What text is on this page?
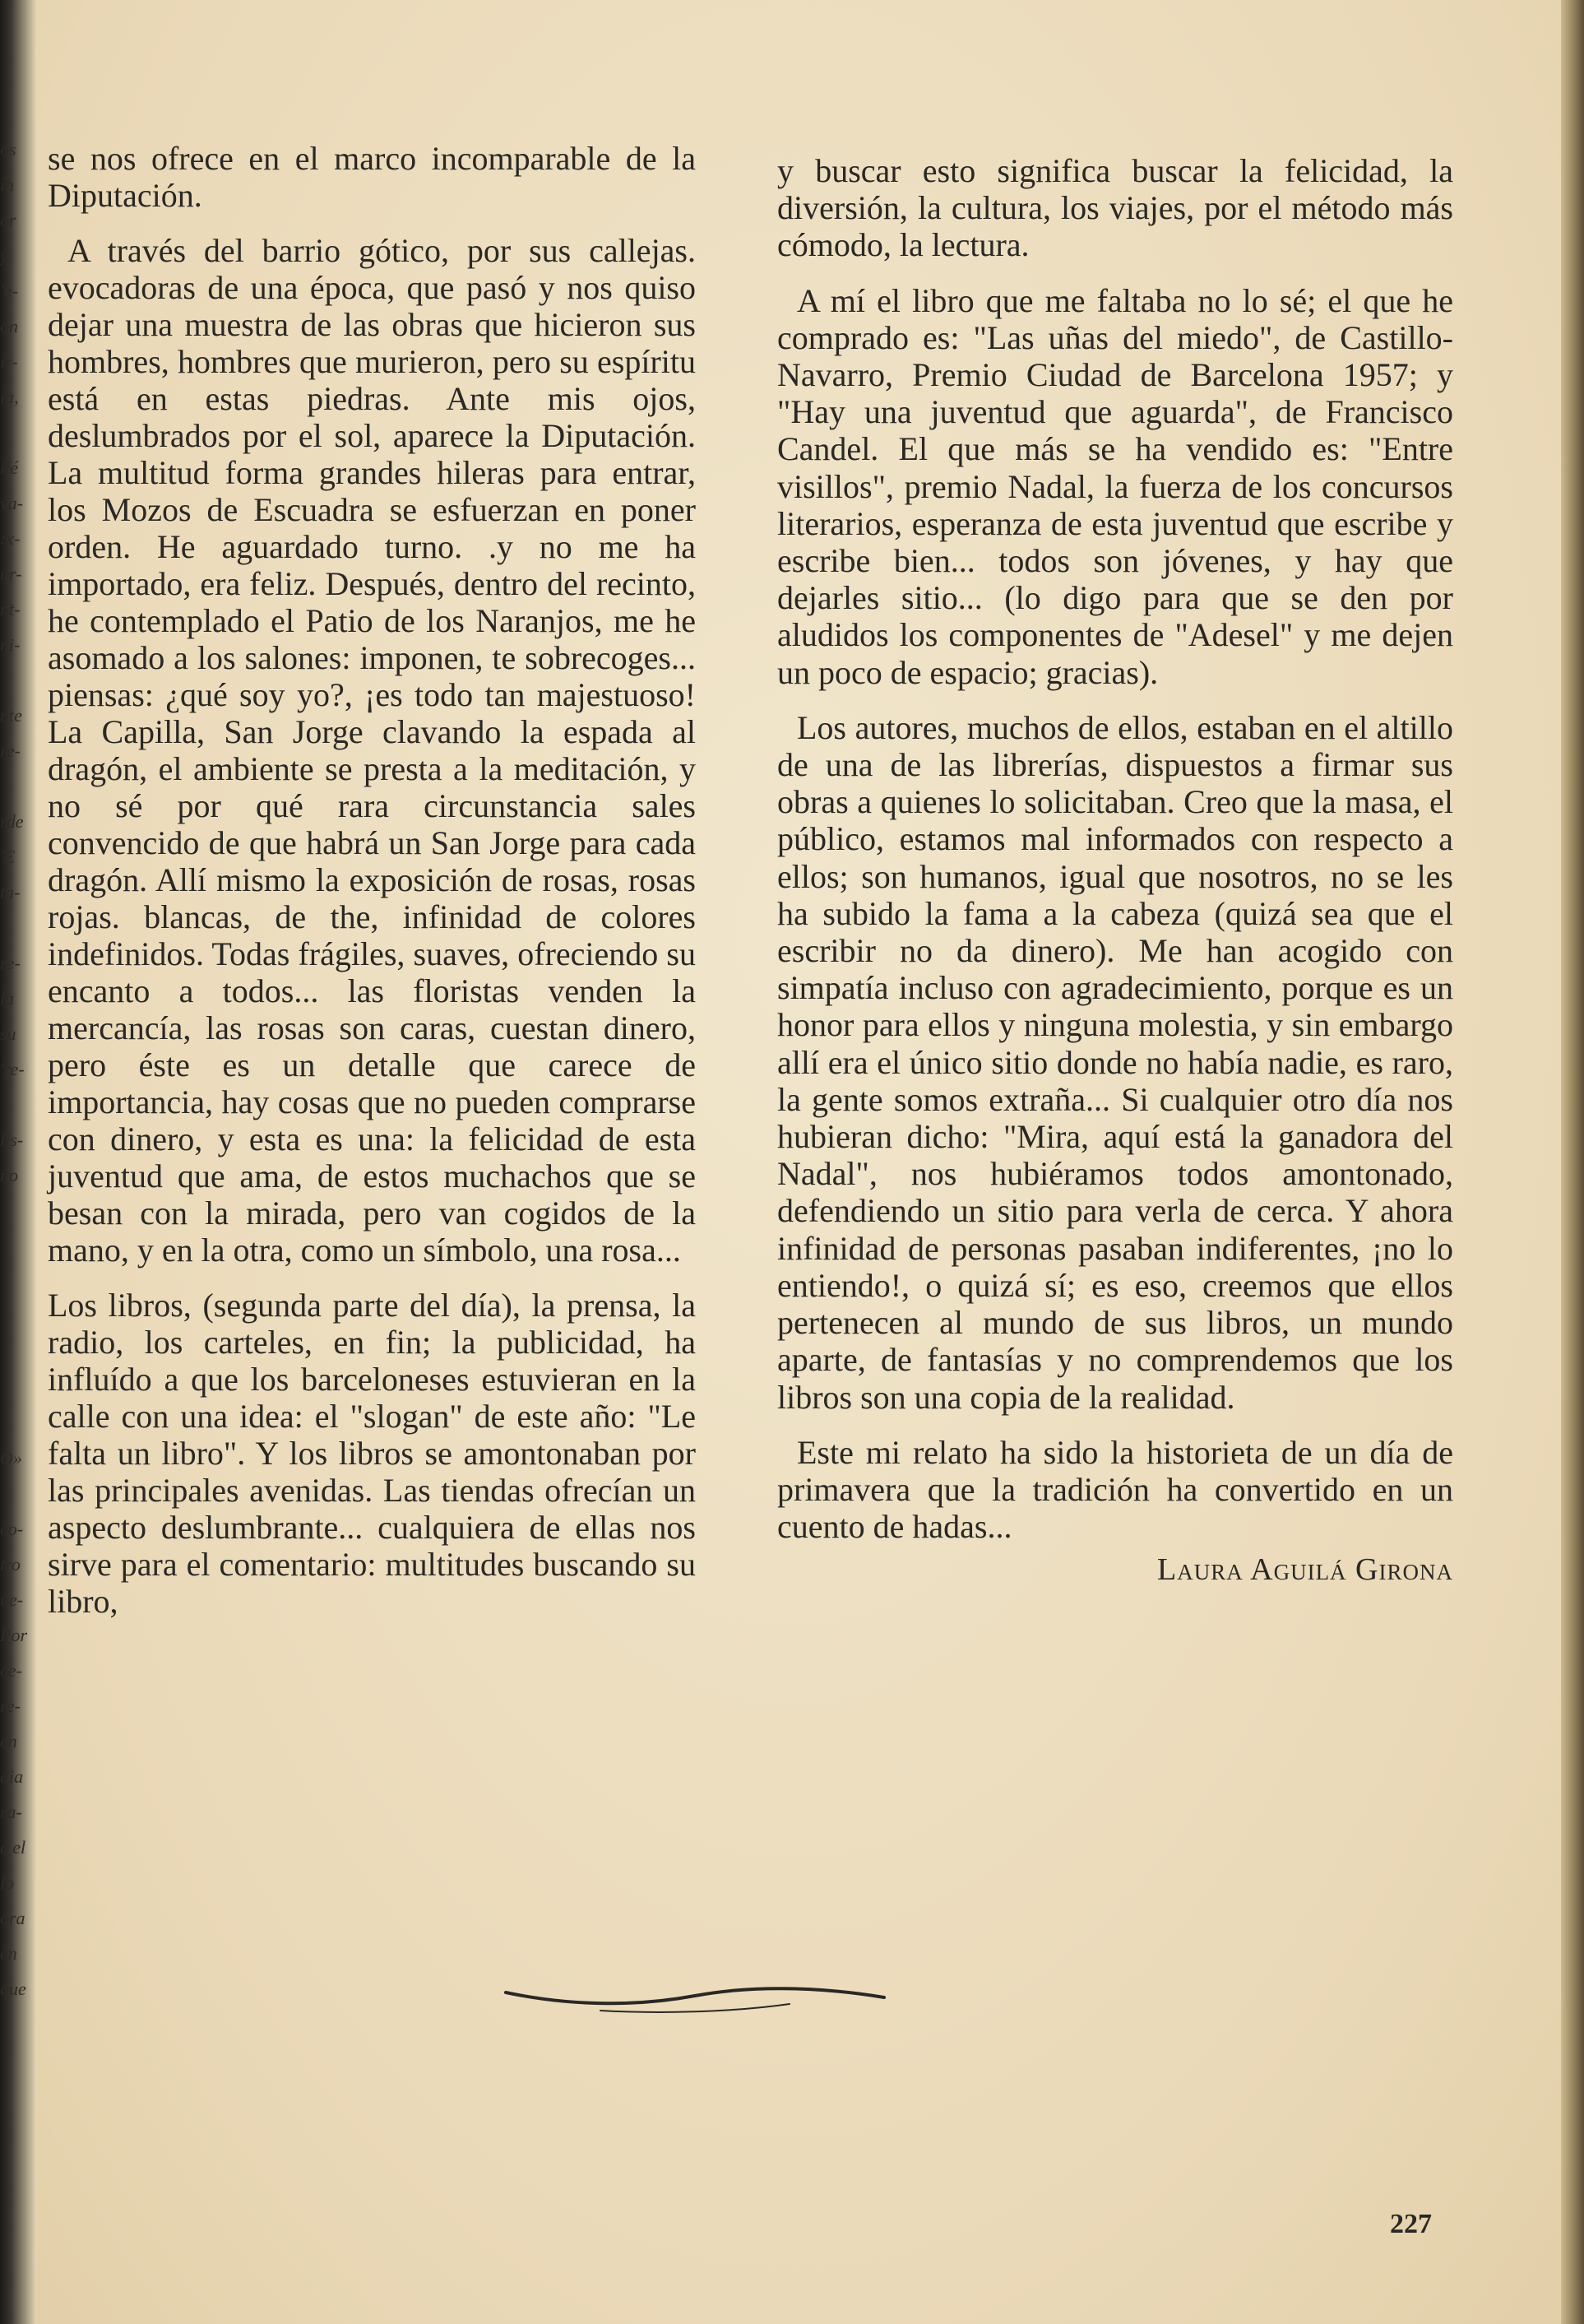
os
ín
or
y
'e-
ón
ir-
ía,
ifé
va-
:x-
ur-
nt-
ni-
nte
re-
rde
'E
ta-
re-
la
su
're-
lis-
no
O»
co-
tro
ue-
Por
ce-
re-
en
dia
ra-
e el
lo
ora
en
que

se nos ofrece en el marco incomparable de la Diputación.

A través del barrio gótico, por sus callejas. evocadoras de una época, que pasó y nos quiso dejar una muestra de las obras que hicieron sus hombres, hombres que murieron, pero su espíritu está en estas piedras. Ante mis ojos, deslumbrados por el sol, aparece la Diputación. La multitud forma grandes hileras para entrar, los Mozos de Escuadra se esfuerzan en poner orden. He aguardado turno. .y no me ha importado, era feliz. Después, dentro del recinto, he contemplado el Patio de los Naranjos, me he asomado a los salones: imponen, te sobrecoges... piensas: ¿qué soy yo?, ¡es todo tan majestuoso! La Capilla, San Jorge clavando la espada al dragón, el ambiente se presta a la meditación, y no sé por qué rara circunstancia sales convencido de que habrá un San Jorge para cada dragón. Allí mismo la exposición de rosas, rosas rojas. blancas, de the, infinidad de colores indefinidos. Todas frágiles, suaves, ofreciendo su encanto a todos... las floristas venden la mercancía, las rosas son caras, cuestan dinero, pero éste es un detalle que carece de importancia, hay cosas que no pueden comprarse con dinero, y esta es una: la felicidad de esta juventud que ama, de estos muchachos que se besan con la mirada, pero van cogidos de la mano, y en la otra, como un símbolo, una rosa...

Los libros, (segunda parte del día), la prensa, la radio, los carteles, en fin; la publicidad, ha influído a que los barceloneses estuvieran en la calle con una idea: el "slogan" de este año: "Le falta un libro". Y los libros se amontonaban por las principales avenidas. Las tiendas ofrecían un aspecto deslumbrante... cualquiera de ellas nos sirve para el comentario: multitudes buscando su libro,

y buscar esto significa buscar la felicidad, la diversión, la cultura, los viajes, por el método más cómodo, la lectura.

A mí el libro que me faltaba no lo sé; el que he comprado es: "Las uñas del miedo", de Castillo-Navarro, Premio Ciudad de Barcelona 1957; y "Hay una juventud que aguarda", de Francisco Candel. El que más se ha vendido es: "Entre visillos", premio Nadal, la fuerza de los concursos literarios, esperanza de esta juventud que escribe y escribe bien... todos son jóvenes, y hay que dejarles sitio... (lo digo para que se den por aludidos los componentes de "Adesel" y me dejen un poco de espacio; gracias).

Los autores, muchos de ellos, estaban en el altillo de una de las librerías, dispuestos a firmar sus obras a quienes lo solicitaban. Creo que la masa, el público, estamos mal informados con respecto a ellos; son humanos, igual que nosotros, no se les ha subido la fama a la cabeza (quizá sea que el escribir no da dinero). Me han acogido con simpatía incluso con agradecimiento, porque es un honor para ellos y ninguna molestia, y sin embargo allí era el único sitio donde no había nadie, es raro, la gente somos extraña... Si cualquier otro día nos hubieran dicho: "Mira, aquí está la ganadora del Nadal", nos hubiéramos todos amontonado, defendiendo un sitio para verla de cerca. Y ahora infinidad de personas pasaban indiferentes, ¡no lo entiendo!, o quizá sí; es eso, creemos que ellos pertenecen al mundo de sus libros, un mundo aparte, de fantasías y no comprendemos que los libros son una copia de la realidad.

Este mi relato ha sido la historieta de un día de primavera que la tradición ha convertido en un cuento de hadas...

Laura Aguilá Girona
227
